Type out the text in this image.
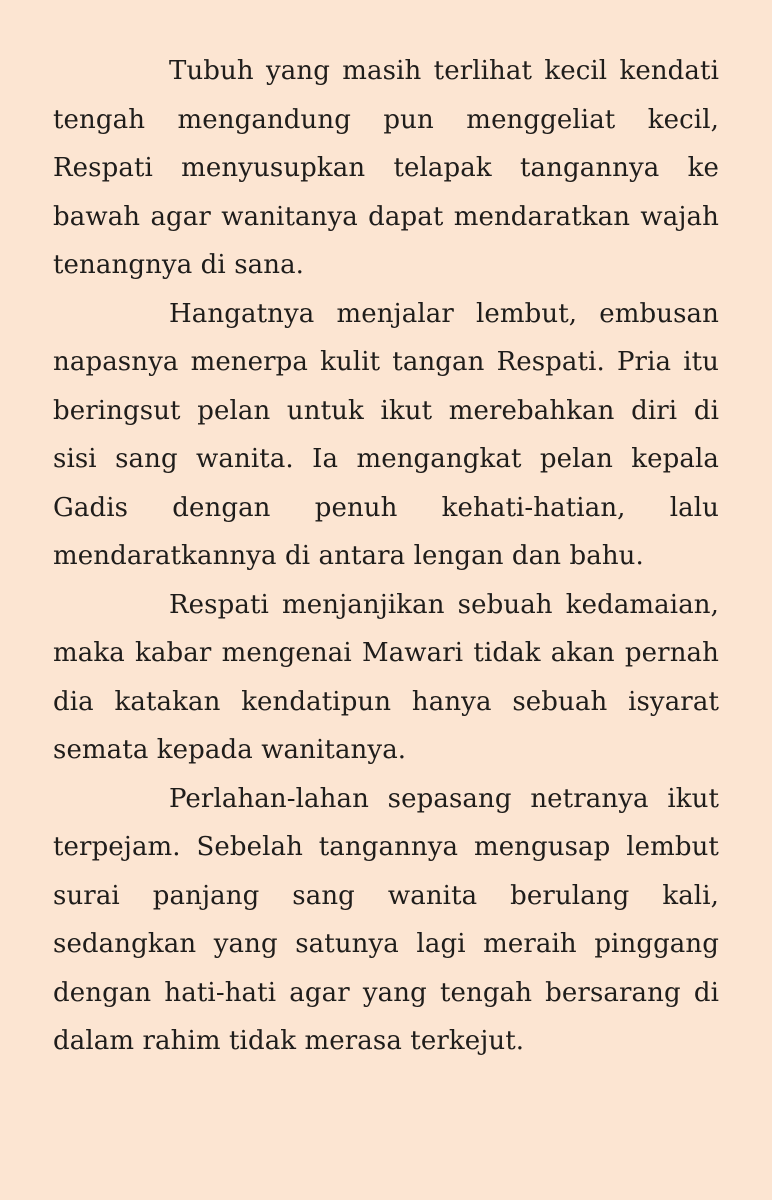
Tubuh yang masih terlihat kecil kendati tengah mengandung pun menggeliat kecil, Respati menyusupkan telapak tangannya ke bawah agar wanitanya dapat mendaratkan wajah tenangnya di sana.

Hangatnya menjalar lembut, embusan napasnya menerpa kulit tangan Respati. Pria itu beringsut pelan untuk ikut merebahkan diri di sisi sang wanita. Ia mengangkat pelan kepala Gadis dengan penuh kehati-hatian, lalu mendaratkannya di antara lengan dan bahu.

Respati menjanjikan sebuah kedamaian, maka kabar mengenai Mawari tidak akan pernah dia katakan kendatipun hanya sebuah isyarat semata kepada wanitanya.

Perlahan-lahan sepasang netranya ikut terpejam. Sebelah tangannya mengusap lembut surai panjang sang wanita berulang kali, sedangkan yang satunya lagi meraih pinggang dengan hati-hati agar yang tengah bersarang di dalam rahim tidak merasa terkejut.
